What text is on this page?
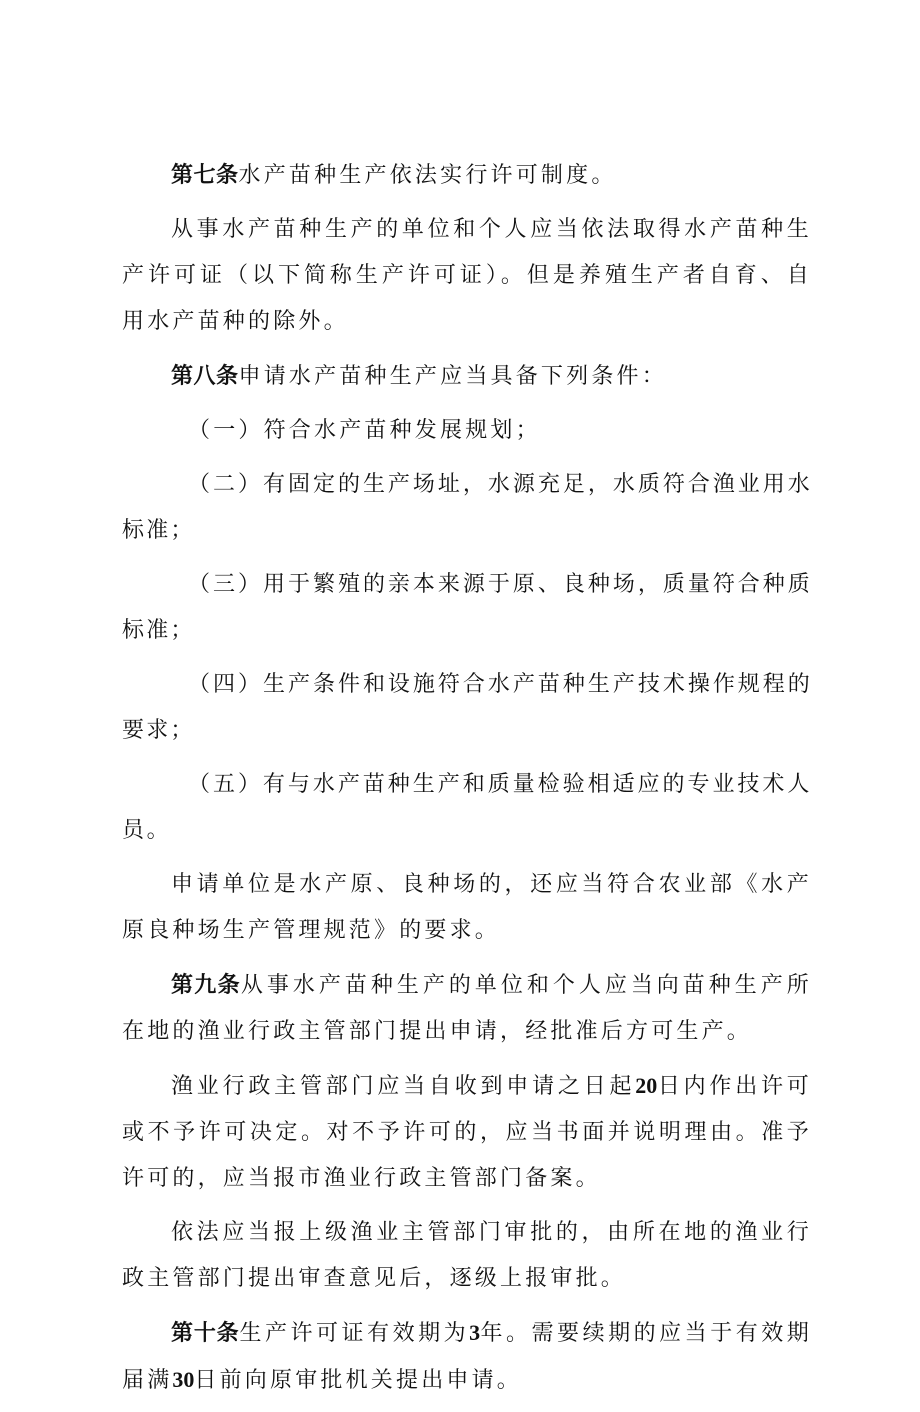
第七条水产苗种生产依法实行许可制度。

从事水产苗种生产的单位和个人应当依法取得水产苗种生产许可证（以下简称生产许可证）。但是养殖生产者自育、自用水产苗种的除外。

第八条申请水产苗种生产应当具备下列条件：

（一）符合水产苗种发展规划；

（二）有固定的生产场址，水源充足，水质符合渔业用水标准；

（三）用于繁殖的亲本来源于原、良种场，质量符合种质标准；

（四）生产条件和设施符合水产苗种生产技术操作规程的要求；

（五）有与水产苗种生产和质量检验相适应的专业技术人员。

申请单位是水产原、良种场的，还应当符合农业部《水产原良种场生产管理规范》的要求。

第九条从事水产苗种生产的单位和个人应当向苗种生产所在地的渔业行政主管部门提出申请，经批准后方可生产。

渔业行政主管部门应当自收到申请之日起20日内作出许可或不予许可决定。对不予许可的，应当书面并说明理由。准予许可的，应当报市渔业行政主管部门备案。

依法应当报上级渔业主管部门审批的，由所在地的渔业行政主管部门提出审查意见后，逐级上报审批。

第十条生产许可证有效期为3年。需要续期的应当于有效期届满30日前向原审批机关提出申请。
